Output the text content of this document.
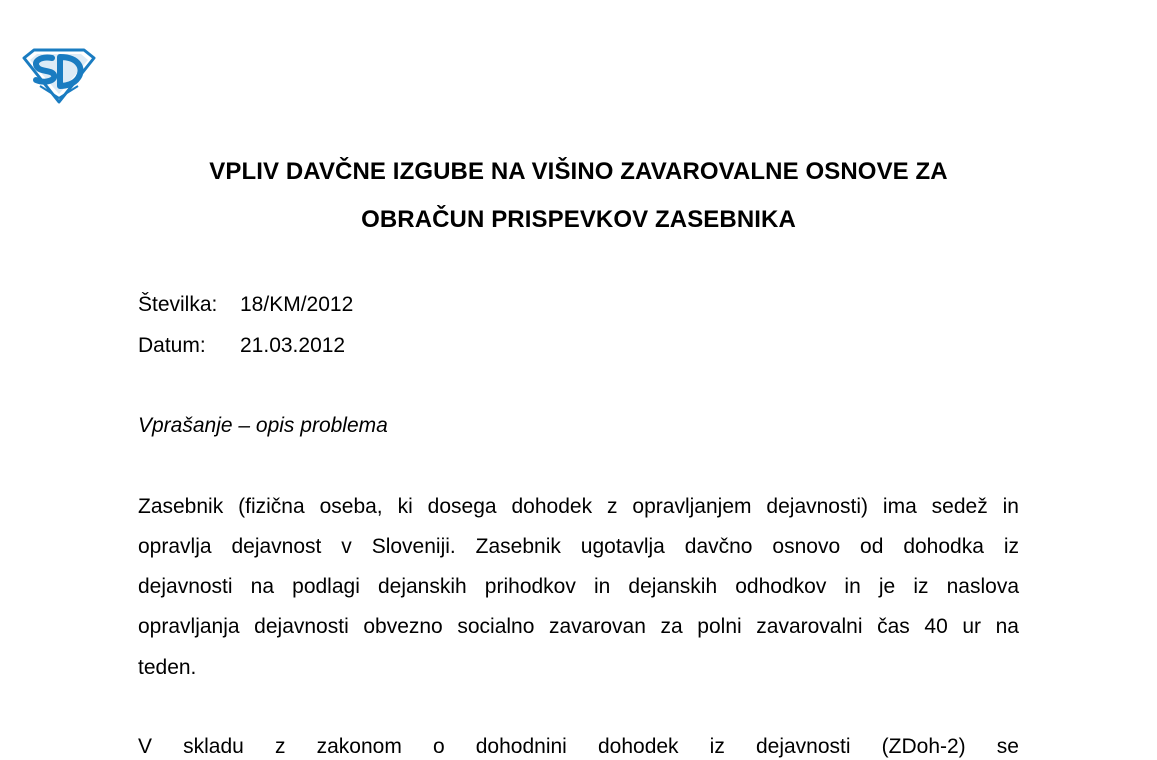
VPLIV DAVČNE IZGUBE NA VIŠINO ZAVAROVALNE OSNOVE ZA
OBRAČUN PRISPEVKOV ZASEBNIKA
Številka: 18/KM/2012
Datum: 21.03.2012
Vprašanje – opis problema
Zasebnik (fizična oseba, ki dosega dohodek z opravljanjem dejavnosti) ima sedež in
opravlja dejavnost v Sloveniji. Zasebnik ugotavlja davčno osnovo od dohodka iz
dejavnosti na podlagi dejanskih prihodkov in dejanskih odhodkov in je iz naslova
opravljanja dejavnosti obvezno socialno zavarovan za polni zavarovalni čas 40 ur na
teden.
V skladu z zakonom o dohodnini dohodek iz dejavnosti (ZDoh-2) se
